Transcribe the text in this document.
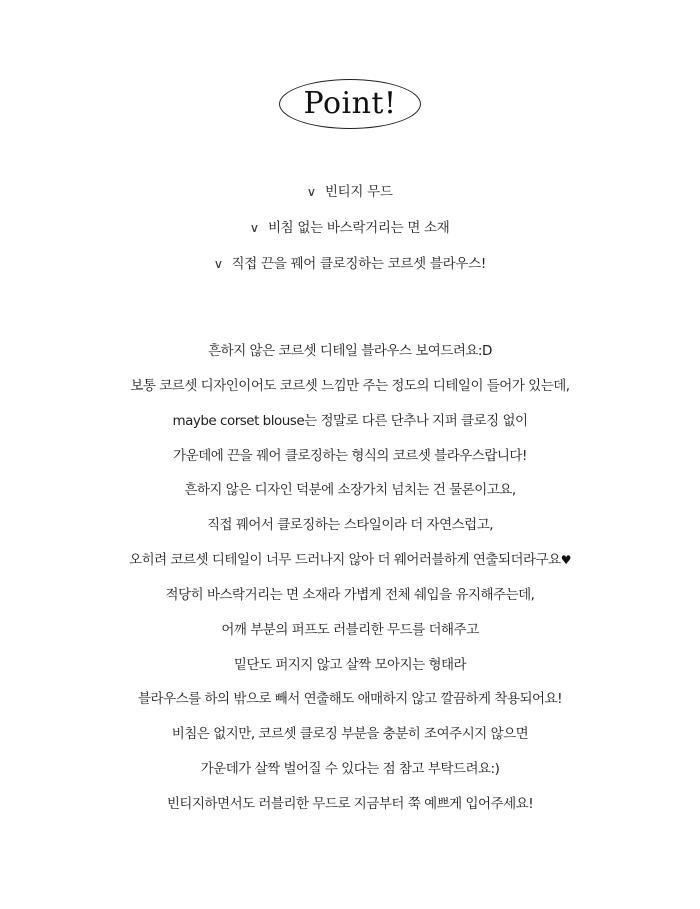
Point!
∨ 빈티지 무드
∨ 비침 없는 바스락거리는 면 소재
∨ 직접 끈을 꿰어 클로징하는 코르셋 블라우스!
흔하지 않은 코르셋 디테일 블라우스 보여드려요:D
보통 코르셋 디자인이어도 코르셋 느낌만 주는 정도의 디테일이 들어가 있는데,
maybe corset blouse는 정말로 다른 단추나 지퍼 클로징 없이
가운데에 끈을 꿰어 클로징하는 형식의 코르셋 블라우스랍니다!
흔하지 않은 디자인 덕분에 소장가치 넘치는 건 물론이고요,
직접 꿰어서 클로징하는 스타일이라 더 자연스럽고,
오히려 코르셋 디테일이 너무 드러나지 않아 더 웨어러블하게 연출되더라구요♥
적당히 바스락거리는 면 소재라 가볍게 전체 쉐입을 유지해주는데,
어깨 부분의 퍼프도 러블리한 무드를 더해주고
밑단도 퍼지지 않고 살짝 모아지는 형태라
블라우스를 하의 밖으로 빼서 연출해도 애매하지 않고 깔끔하게 착용되어요!
비침은 없지만, 코르셋 클로징 부분을 충분히 조여주시지 않으면
가운데가 살짝 벌어질 수 있다는 점 참고 부탁드려요:)
빈티지하면서도 러블리한 무드로 지금부터 쭉 예쁘게 입어주세요!
